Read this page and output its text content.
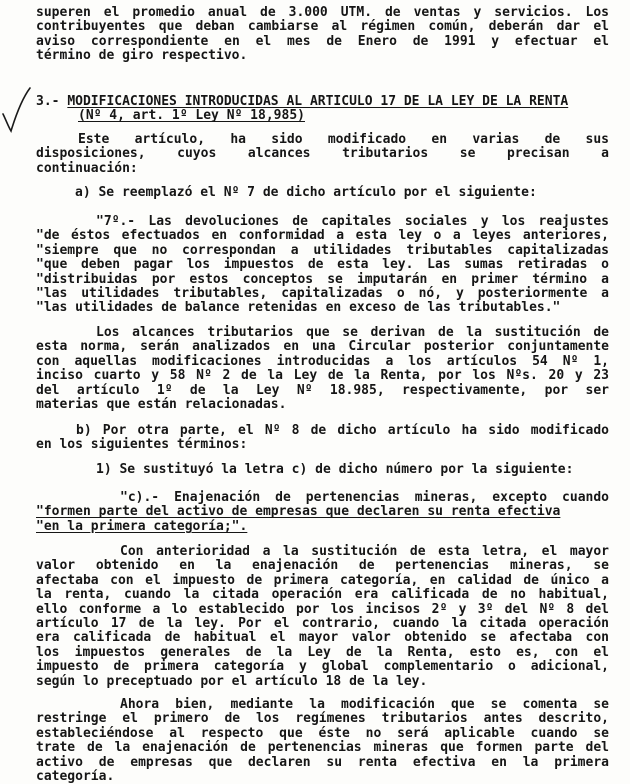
superen el promedio anual de 3.000 UTM. de ventas y servicios. Los

contribuyentes que deban cambiarse al régimen común, deberán dar el

aviso correspondiente en el mes de Enero de 1991 y efectuar el

término de giro respectivo.

3.- MODIFICACIONES INTRODUCIDAS AL ARTICULO 17 DE LA LEY DE LA RENTA

(Nº 4, art. 1º Ley Nº 18,985)

Este artículo, ha sido modificado en varias de sus

disposiciones, cuyos alcances tributarios se precisan a

continuación:

a) Se reemplazó el Nº 7 de dicho artículo por el siguiente:

"7º.- Las devoluciones de capitales sociales y los reajustes

"de éstos efectuados en conformidad a esta ley o a leyes anteriores,

"siempre que no correspondan a utilidades tributables capitalizadas

"que deben pagar los impuestos de esta ley. Las sumas retiradas o

"distribuidas por estos conceptos se imputarán en primer término a

"las utilidades tributables, capitalizadas o nó, y posteriormente a

"las utilidades de balance retenidas en exceso de las tributables."

Los alcances tributarios que se derivan de la sustitución de

esta norma, serán analizados en una Circular posterior conjuntamente

con aquellas modificaciones introducidas a los artículos 54 Nº 1,

inciso cuarto y 58 Nº 2 de la Ley de la Renta, por los Nºs. 20 y 23

del artículo 1º de la Ley Nº 18.985, respectivamente, por ser

materias que están relacionadas.

b) Por otra parte, el Nº 8 de dicho artículo ha sido modificado

en los siguientes términos:

1) Se sustituyó la letra c) de dicho número por la siguiente:

"c).- Enajenación de pertenencias mineras, excepto cuando

"formen parte del activo de empresas que declaren su renta efectiva

"en la primera categoría;".

Con anterioridad a la sustitución de esta letra, el mayor

valor obtenido en la enajenación de pertenencias mineras, se

afectaba con el impuesto de primera categoría, en calidad de único a

la renta, cuando la citada operación era calificada de no habitual,

ello conforme a lo establecido por los incisos 2º y 3º del Nº 8 del

artículo 17 de la ley. Por el contrario, cuando la citada operación

era calificada de habitual el mayor valor obtenido se afectaba con

los impuestos generales de la Ley de la Renta, esto es, con el

impuesto de primera categoría y global complementario o adicional,

según lo preceptuado por el artículo 18 de la ley.

Ahora bien, mediante la modificación que se comenta se

restringe el primero de los regímenes tributarios antes descrito,

estableciéndose al respecto que éste no será aplicable cuando se

trate de la enajenación de pertenencias mineras que formen parte del

activo de empresas que declaren su renta efectiva en la primera

categoría.
